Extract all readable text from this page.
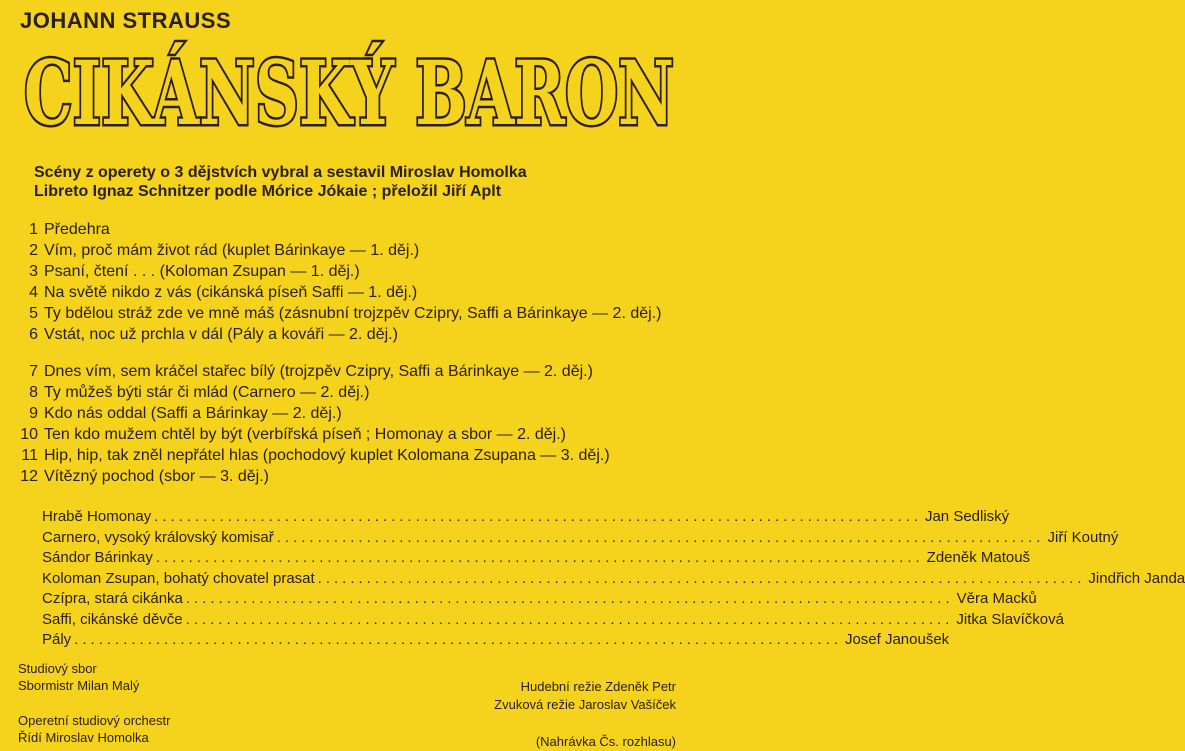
JOHANN STRAUSS
CIKÁNSKÝ BARON
Scény z operety o 3 dějstvích vybral a sestavil Miroslav Homolka
Libreto Ignaz Schnitzer podle Mórice Jókaie ; přeložil Jiří Aplt
1 Předehra
2 Vím, proč mám život rád (kuplet Bárinkaye — 1. děj.)
3 Psaní, čtení . . . (Koloman Zsupan — 1. děj.)
4 Na světě nikdo z vás (cikánská píseň Saffi — 1. děj.)
5 Ty bdělou stráž zde ve mně máš (zásnubní trojzpěv Czipry, Saffi a Bárinkaye — 2. děj.)
6 Vstát, noc už prchla v dál (Pály a kováři — 2. děj.)
7 Dnes vím, sem kráčel stařec bílý (trojzpěv Czipry, Saffi a Bárinkaye — 2. děj.)
8 Ty můžeš býti stár či mlád (Carnero — 2. děj.)
9 Kdo nás oddal (Saffi a Bárinkay — 2. děj.)
10 Ten kdo mužem chtěl by být (verbířská píseň ; Homonay a sbor — 2. děj.)
11 Hip, hip, tak zněl nepřátel hlas (pochodový kuplet Kolomana Zsupana — 3. děj.)
12 Vítězný pochod (sbor — 3. děj.)
Hrabě Homonay .............................................................................................. Jan Sedliský
Carnero, vysoký královský komisař .............................................................................................. Jiří Koutný
Sándor Bárinkay .............................................................................................. Zdeněk Matouš
Koloman Zsupan, bohatý chovatel prasat .............................................................................................. Jindřich Janda
Czípra, stará cikánka .............................................................................................. Věra Macků
Saffi, cikánské děvče .............................................................................................. Jitka Slavíčková
Pály .............................................................................................. Josef Janoušek
Studiový sbor
Sbormistr Milan Malý
Operetní studiový orchestr
Řídí Miroslav Homolka
Hudební režie Zdeněk Petr
Zvuková režie Jaroslav Vašíček
(Nahrávka Čs. rozhlasu)
